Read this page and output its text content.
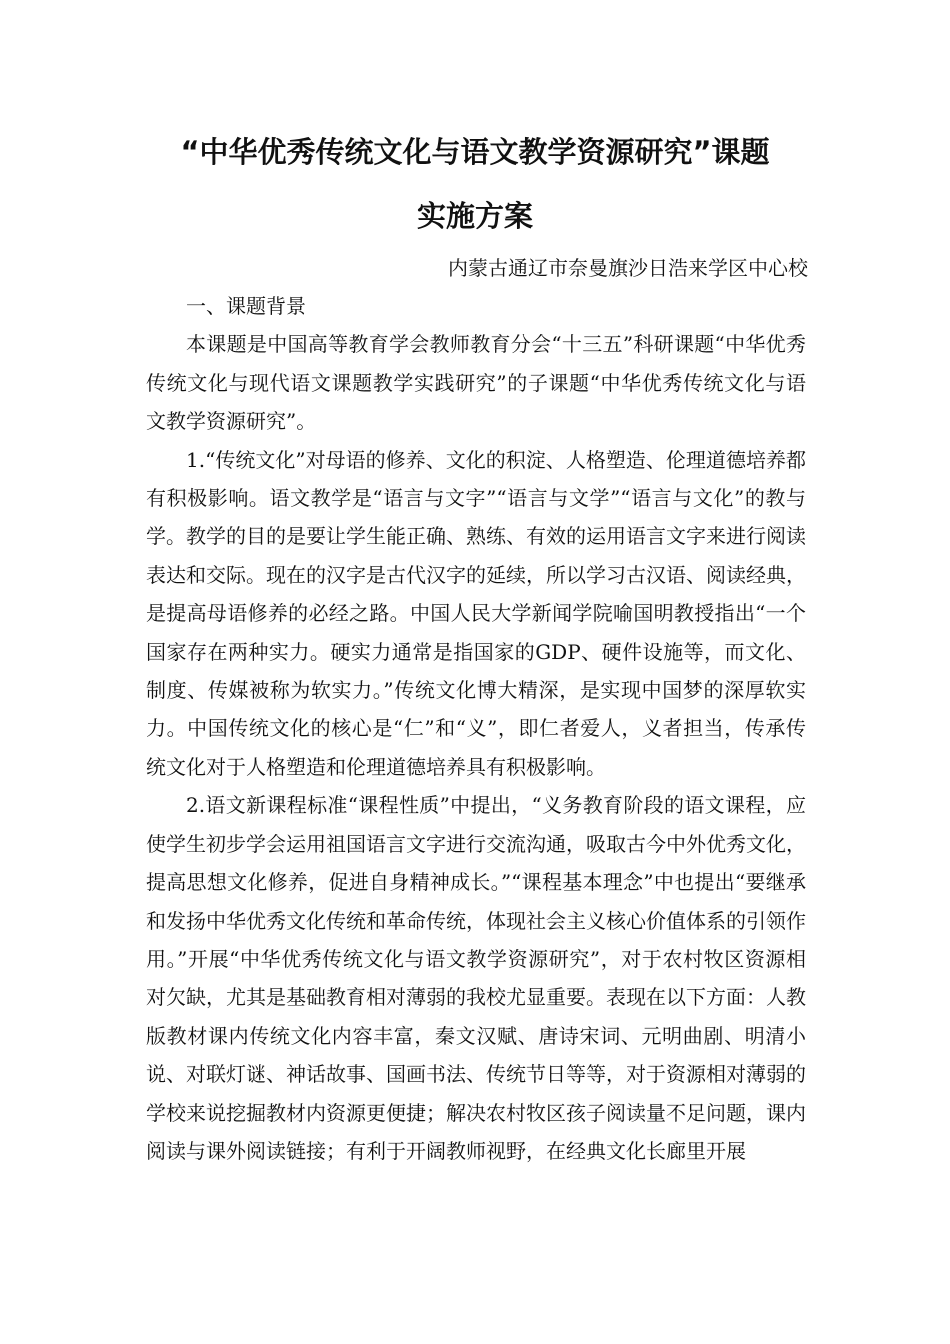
“中华优秀传统文化与语文教学资源研究”课题
实施方案
内蒙古通辽市奈曼旗沙日浩来学区中心校

一、课题背景

本课题是中国高等教育学会教师教育分会“十三五”科研课题“中华优秀传统文化与现代语文课题教学实践研究”的子课题“中华优秀传统文化与语文教学资源研究”。

1.“传统文化”对母语的修养、文化的积淀、人格塑造、伦理道德培养都有积极影响。语文教学是“语言与文字”“语言与文学”“语言与文化”的教与学。教学的目的是要让学生能正确、熟练、有效的运用语言文字来进行阅读表达和交际。现在的汉字是古代汉字的延续，所以学习古汉语、阅读经典，是提高母语修养的必经之路。中国人民大学新闻学院喻国明教授指出“一个国家存在两种实力。硬实力通常是指国家的GDP、硬件设施等，而文化、制度、传媒被称为软实力。”传统文化博大精深，是实现中国梦的深厚软实力。中国传统文化的核心是“仁”和“义”，即仁者爱人，义者担当，传承传统文化对于人格塑造和伦理道德培养具有积极影响。

2.语文新课程标准“课程性质”中提出，“义务教育阶段的语文课程，应使学生初步学会运用祖国语言文字进行交流沟通，吸取古今中外优秀文化，提高思想文化修养，促进自身精神成长。”“课程基本理念”中也提出“要继承和发扬中华优秀文化传统和革命传统，体现社会主义核心价值体系的引领作用。”开展“中华优秀传统文化与语文教学资源研究”，对于农村牧区资源相对欠缺，尤其是基础教育相对薄弱的我校尤显重要。表现在以下方面：人教版教材课内传统文化内容丰富，秦文汉赋、唐诗宋词、元明曲剧、明清小说、对联灯谜、神话故事、国画书法、传统节日等等，对于资源相对薄弱的学校来说挖掘教材内资源更便捷；解决农村牧区孩子阅读量不足问题，课内阅读与课外阅读链接；有利于开阔教师视野，在经典文化长廊里开展
